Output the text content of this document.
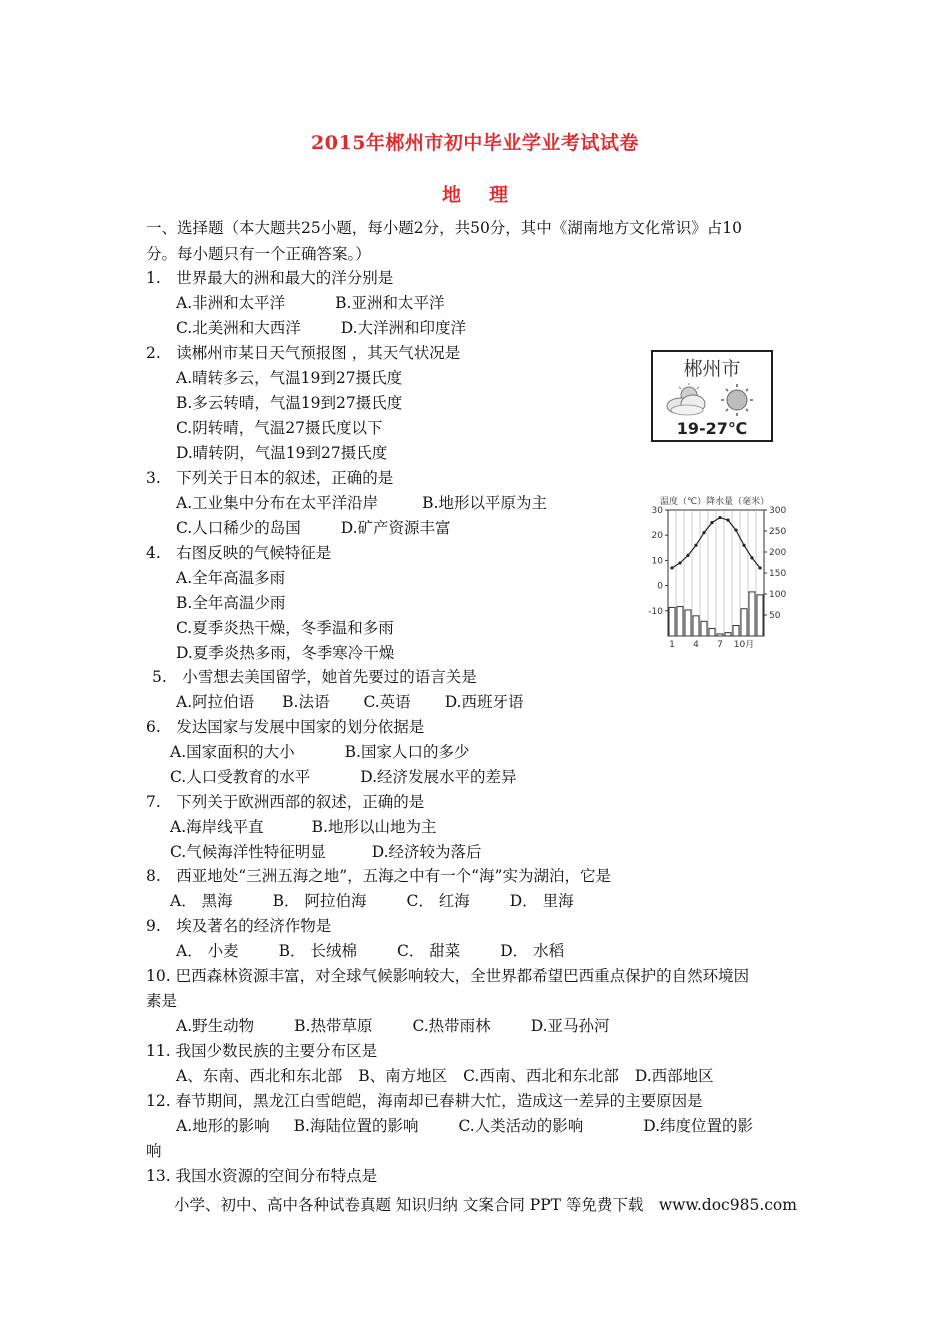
2015年郴州市初中毕业学业考试试卷
地 理
一、选择题（本大题共25小题，每小题2分，共50分，其中《湖南地方文化常识》占10
分。每小题只有一个正确答案。）
1.　世界最大的洲和最大的洋分别是
A.非洲和太平洋	B.亚洲和太平洋
C.北美洲和大西洋	D.大洋洲和印度洋
2.　读郴州市某日天气预报图 ，其天气状况是
A.晴转多云，气温19到27摄氏度
B.多云转晴，气温19到27摄氏度
C.阴转晴，气温27摄氏度以下
D.晴转阴，气温19到27摄氏度
郴州市
19-27℃
3.　下列关于日本的叙述，正确的是
A.工业集中分布在太平洋沿岸	B.地形以平原为主
C.人口稀少的岛国	D.矿产资源丰富
温度（℃）降水量（毫米）
30
20
10
0
-10
300
250
200
150
100
50
1 4 7 10月
4.　右图反映的气候特征是
A.全年高温多雨
B.全年高温少雨
C.夏季炎热干燥，冬季温和多雨
D.夏季炎热多雨，冬季寒冷干燥
5.　小雪想去美国留学，她首先要过的语言关是
A.阿拉伯语 B.法语 C.英语 D.西班牙语
6.　发达国家与发展中国家的划分依据是
A.国家面积的大小	B.国家人口的多少
C.人口受教育的水平	D.经济发展水平的差异
7.　下列关于欧洲西部的叙述，正确的是
A.海岸线平直	B.地形以山地为主
C.气候海洋性特征明显	D.经济较为落后
8.　西亚地处“三洲五海之地”，五海之中有一个“海”实为湖泊，它是
A． 黑海	B． 阿拉伯海	C． 红海	D． 里海
9.　埃及著名的经济作物是
A． 小麦	B． 长绒棉	C． 甜菜	D． 水稻
10. 巴西森林资源丰富，对全球气候影响较大，全世界都希望巴西重点保护的自然环境因
素是
A.野生动物	B.热带草原	C.热带雨林	D.亚马孙河
11. 我国少数民族的主要分布区是
A、东南、西北和东北部 B、南方地区 C.西南、西北和东北部 D.西部地区
12. 春节期间，黑龙江白雪皑皑，海南却已春耕大忙，造成这一差异的主要原因是
A.地形的影响 B.海陆位置的影响	C.人类活动的影响	D.纬度位置的影
响
13. 我国水资源的空间分布特点是
小学、初中、高中各种试卷真题 知识归纳 文案合同 PPT 等免费下载　www.doc985.com
